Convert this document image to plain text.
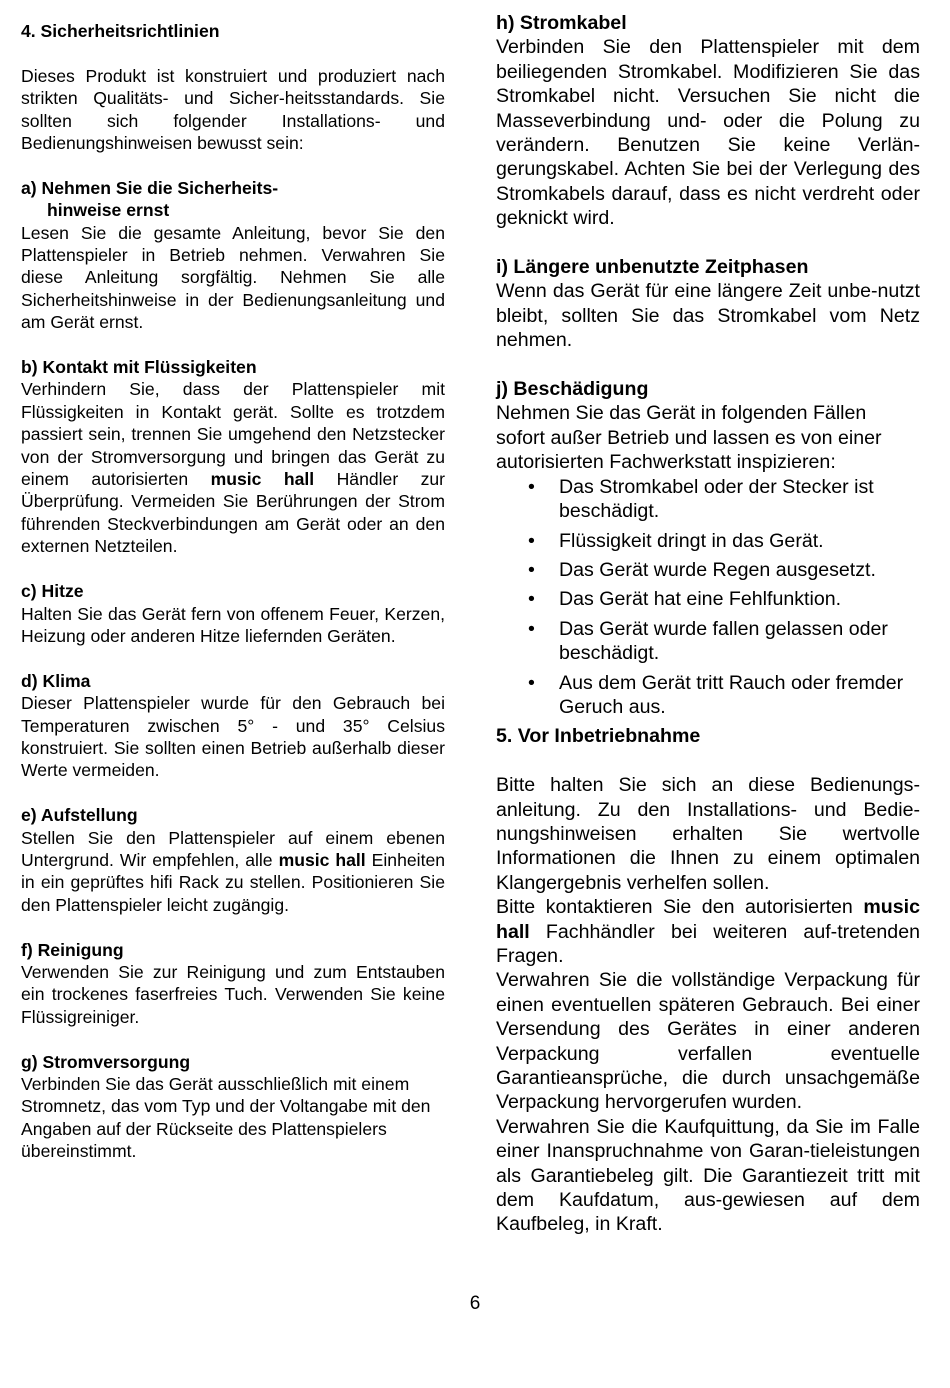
4. Sicherheitsrichtlinien

Dieses Produkt ist konstruiert und produziert nach strikten Qualitäts- und Sicher-heitsstandards. Sie sollten sich folgender Installations- und Bedienungshinweisen bewusst sein:

a) Nehmen Sie die Sicherheits-
hinweise ernst

Lesen Sie die gesamte Anleitung, bevor Sie den Plattenspieler in Betrieb nehmen. Verwahren Sie diese Anleitung sorgfältig. Nehmen Sie alle Sicherheitshinweise in der Bedienungsanleitung und am Gerät ernst.

b) Kontakt mit Flüssigkeiten

Verhindern Sie, dass der Plattenspieler mit Flüssigkeiten in Kontakt gerät. Sollte es trotzdem passiert sein, trennen Sie umgehend den Netzstecker von der Stromversorgung und bringen das Gerät zu einem autorisierten music hall Händler zur Überprüfung. Vermeiden Sie Berührungen der Strom führenden Steckverbindungen am Gerät oder an den externen Netzteilen.

c) Hitze

Halten Sie das Gerät fern von offenem Feuer, Kerzen, Heizung oder anderen Hitze liefernden Geräten.

d) Klima

Dieser Plattenspieler wurde für den Gebrauch bei Temperaturen zwischen 5° - und 35° Celsius konstruiert. Sie sollten einen Betrieb außerhalb dieser Werte vermeiden.

e) Aufstellung

Stellen Sie den Plattenspieler auf einem ebenen Untergrund. Wir empfehlen, alle music hall Einheiten in ein geprüftes hifi Rack zu stellen. Positionieren Sie den Plattenspieler leicht zugängig.

f) Reinigung

Verwenden Sie zur Reinigung und zum Entstauben ein trockenes faserfreies Tuch. Verwenden Sie keine Flüssigreiniger.

g) Stromversorgung

Verbinden Sie das Gerät ausschließlich mit einem Stromnetz, das vom Typ und der Voltangabe mit den Angaben auf der Rückseite des Plattenspielers übereinstimmt.

h) Stromkabel

Verbinden Sie den Plattenspieler mit dem beiliegenden Stromkabel. Modifizieren Sie das Stromkabel nicht. Versuchen Sie nicht die Masseverbindung und- oder die Polung zu verändern. Benutzen Sie keine Verlän-gerungskabel. Achten Sie bei der Verlegung des Stromkabels darauf, dass es nicht verdreht oder geknickt wird.

i) Längere unbenutzte Zeitphasen

Wenn das Gerät für eine längere Zeit unbe-nutzt bleibt, sollten Sie das Stromkabel vom Netz nehmen.

j) Beschädigung

Nehmen Sie das Gerät in folgenden Fällen sofort außer Betrieb und lassen es von einer autorisierten Fachwerkstatt inspizieren:

• Das Stromkabel oder der Stecker ist beschädigt.
• Flüssigkeit dringt in das Gerät.
• Das Gerät wurde Regen ausgesetzt.
• Das Gerät hat eine Fehlfunktion.
• Das Gerät wurde fallen gelassen oder beschädigt.
• Aus dem Gerät tritt Rauch oder fremder Geruch aus.
5. Vor Inbetriebnahme

Bitte halten Sie sich an diese Bedienungs-anleitung. Zu den Installations- und Bedie-nungshinweisen erhalten Sie wertvolle Informationen die Ihnen zu einem optimalen Klangergebnis verhelfen sollen.

Bitte kontaktieren Sie den autorisierten music hall Fachhändler bei weiteren auf-tretenden Fragen.

Verwahren Sie die vollständige Verpackung für einen eventuellen späteren Gebrauch. Bei einer Versendung des Gerätes in einer anderen Verpackung verfallen eventuelle Garantieansprüche, die durch unsachgemäße Verpackung hervorgerufen wurden.

Verwahren Sie die Kaufquittung, da Sie im Falle einer Inanspruchnahme von Garan-tieleistungen als Garantiebeleg gilt. Die Garantiezeit tritt mit dem Kaufdatum, aus-gewiesen auf dem Kaufbeleg, in Kraft.

6
